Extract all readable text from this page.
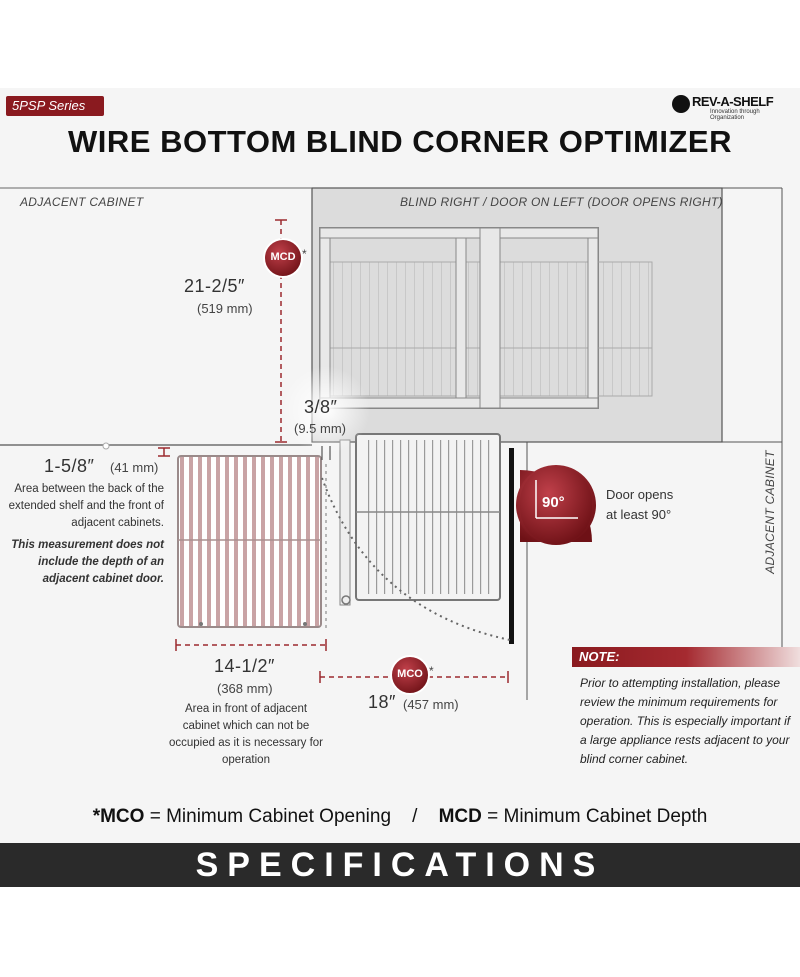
5PSP Series	REV-A-SHELF
Innovation through Organization
WIRE BOTTOM BLIND CORNER OPTIMIZER
ADJACENT CABINET	BLIND RIGHT / DOOR ON LEFT (DOOR OPENS RIGHT)
ADJACENT CABINET
MCD *
21-2/5″
(519 mm)
3/8″
(9.5 mm)
1-5/8″ (41 mm)
Area between the back of the extended shelf and the front of adjacent cabinets.
This measurement does not include the depth of an adjacent cabinet door.
14-1/2″
(368 mm)
Area in front of adjacent cabinet which can not be occupied as it is necessary for operation
MCO *
18″ (457 mm)
90°	Door opens
at least 90°
NOTE:
Prior to attempting installation, please review the minimum requirements for operation. This is especially important if a large appliance rests adjacent to your blind corner cabinet.
*MCO = Minimum Cabinet Opening / MCD = Minimum Cabinet Depth
SPECIFICATIONS
